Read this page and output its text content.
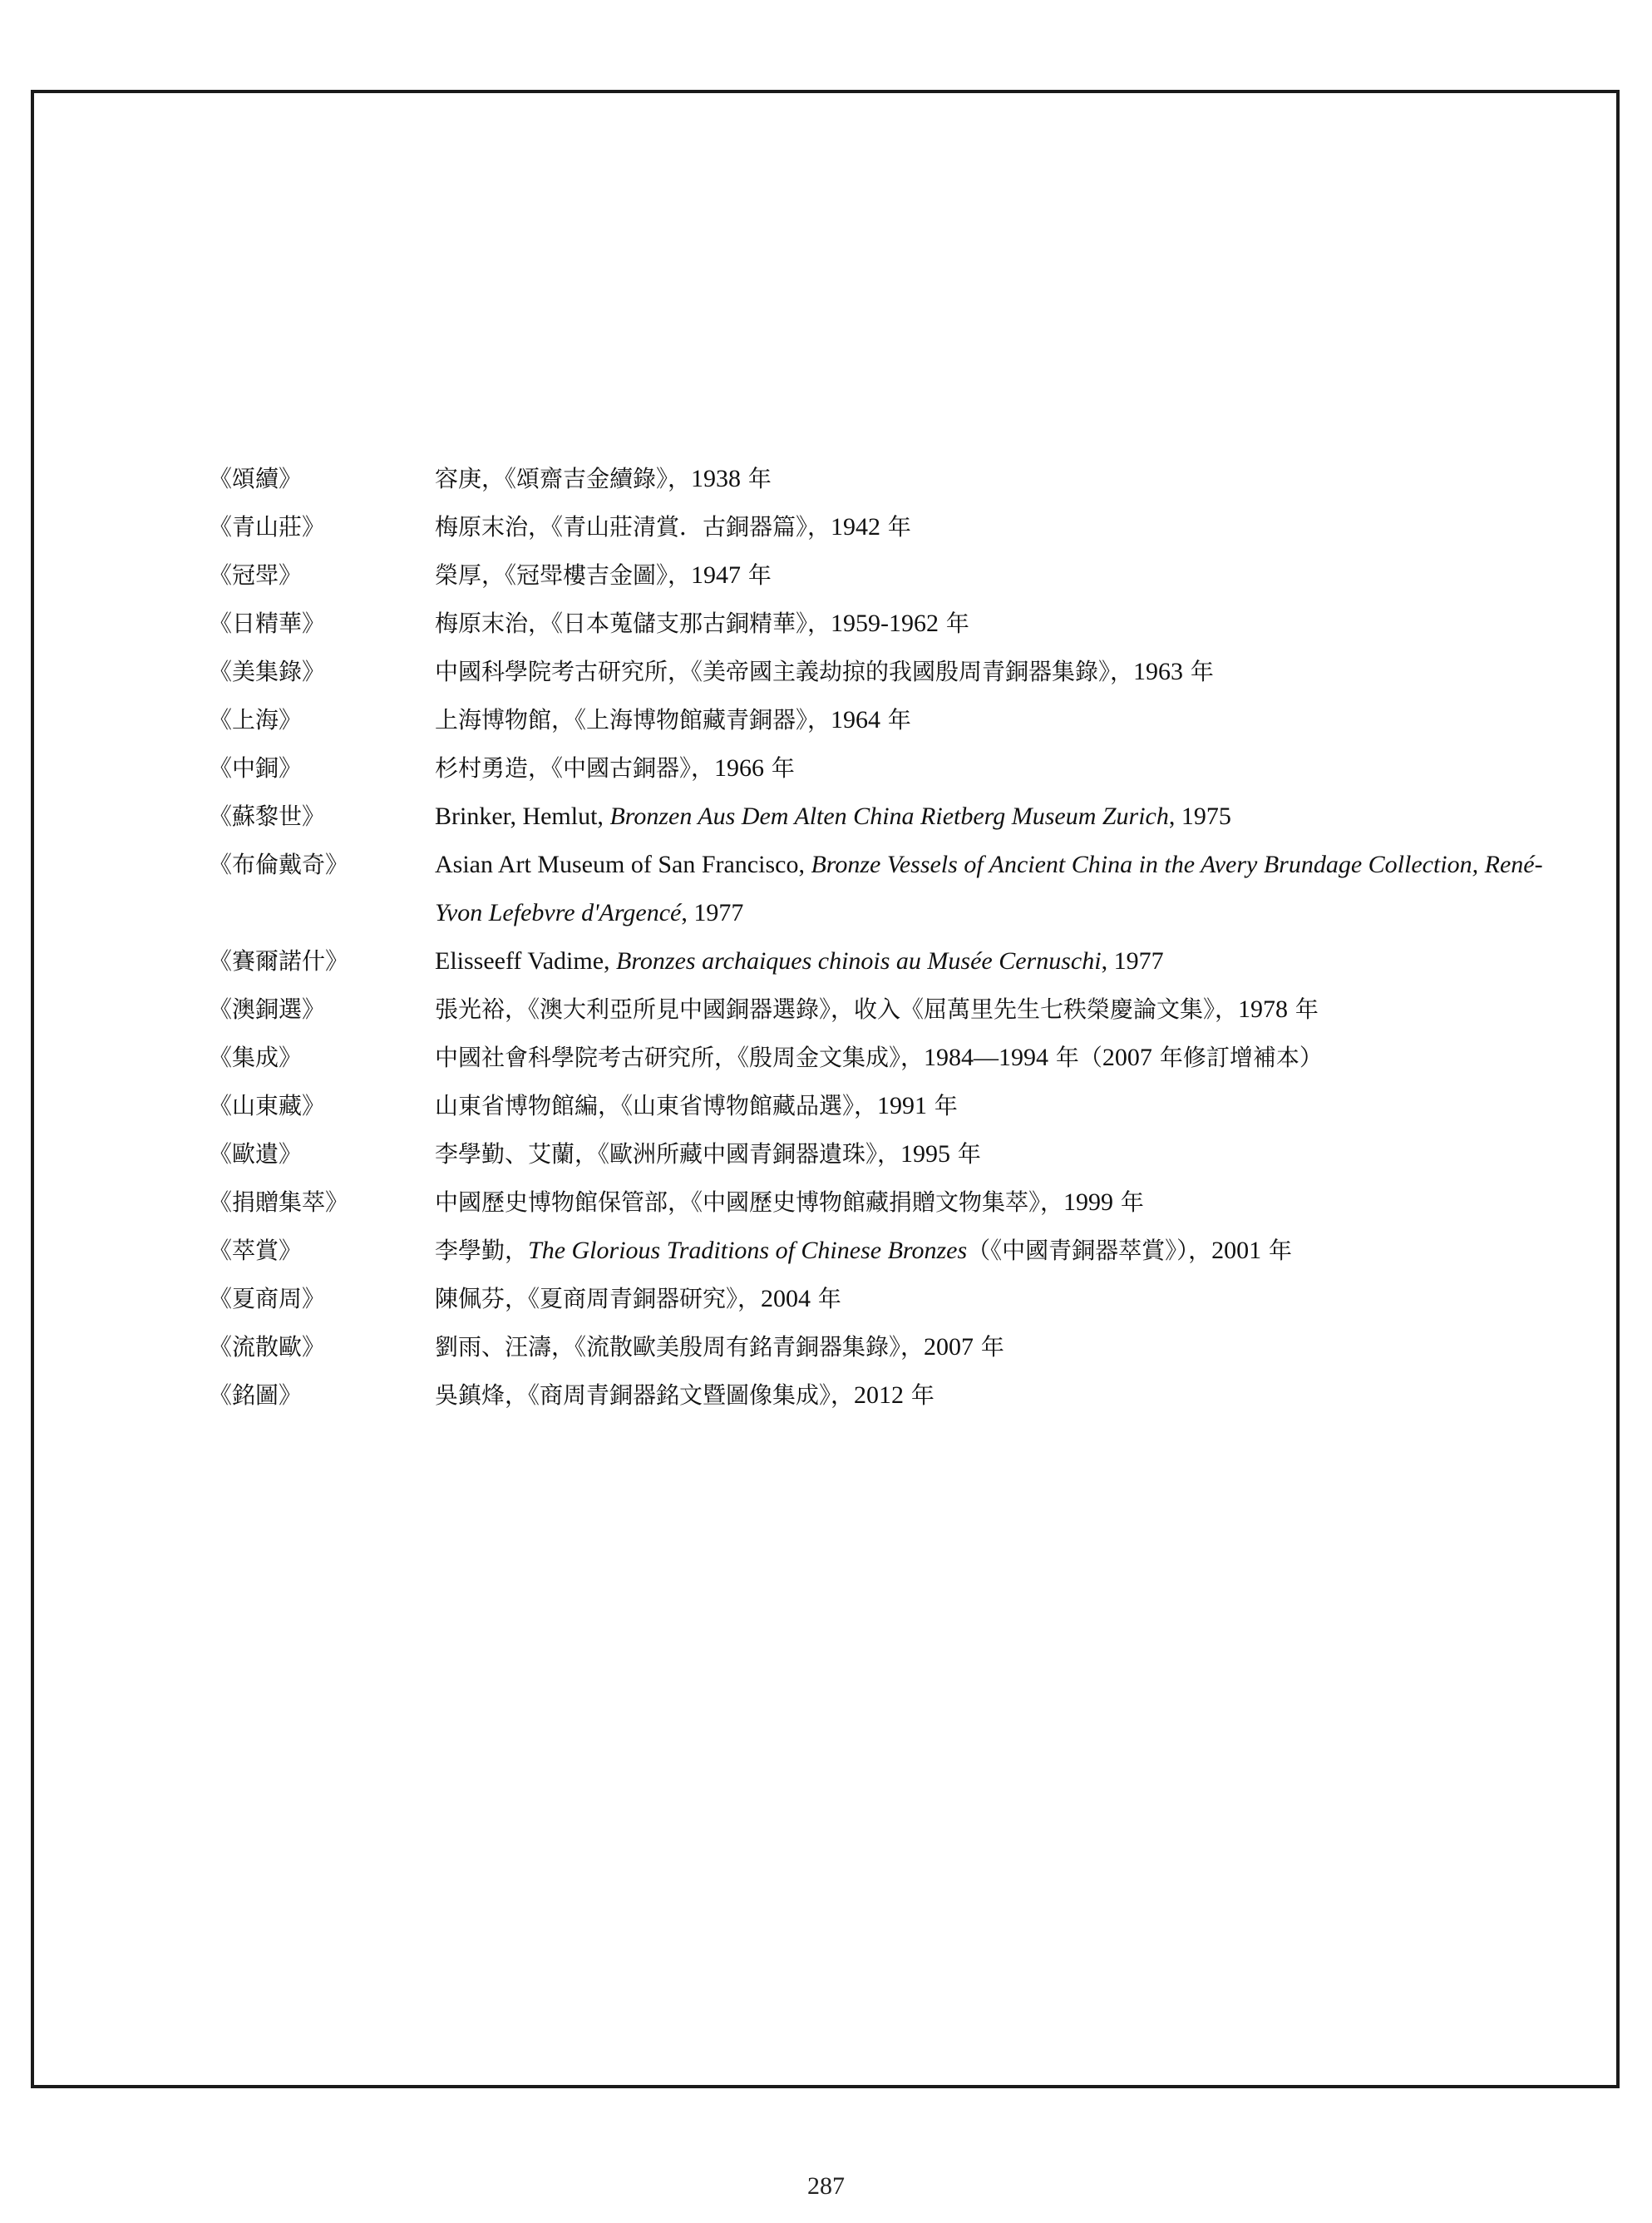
《頌續》	容庚，《頌齋吉金續錄》，1938 年
《青山莊》	梅原末治，《青山莊清賞．古銅器篇》，1942 年
《冠斝》	榮厚，《冠斝樓吉金圖》，1947 年
《日精華》	梅原末治，《日本蒐儲支那古銅精華》，1959-1962 年
《美集錄》	中國科學院考古研究所，《美帝國主義劫掠的我國殷周青銅器集錄》，1963 年
《上海》	上海博物館，《上海博物館藏青銅器》，1964 年
《中銅》	杉村勇造，《中國古銅器》，1966 年
《蘇黎世》	Brinker, Hemlut, Bronzen Aus Dem Alten China Rietberg Museum Zurich, 1975
《布倫戴奇》	Asian Art Museum of San Francisco, Bronze Vessels of Ancient China in the Avery Brundage Collection, René-Yvon Lefebvre d'Argencé, 1977
《賽爾諾什》	Elisseeff Vadime, Bronzes archaiques chinois au Musée Cernuschi, 1977
《澳銅選》	張光裕，《澳大利亞所見中國銅器選錄》，收入《屈萬里先生七秩榮慶論文集》，1978 年
《集成》	中國社會科學院考古研究所，《殷周金文集成》，1984—1994 年（2007 年修訂增補本）
《山東藏》	山東省博物館編，《山東省博物館藏品選》，1991 年
《歐遺》	李學勤、艾蘭，《歐洲所藏中國青銅器遺珠》，1995 年
《捐贈集萃》	中國歷史博物館保管部，《中國歷史博物館藏捐贈文物集萃》，1999 年
《萃賞》	李學勤，The Glorious Traditions of Chinese Bronzes（《中國青銅器萃賞》），2001 年
《夏商周》	陳佩芬，《夏商周青銅器研究》，2004 年
《流散歐》	劉雨、汪濤，《流散歐美殷周有銘青銅器集錄》，2007 年
《銘圖》	吳鎮烽，《商周青銅器銘文暨圖像集成》，2012 年
287
